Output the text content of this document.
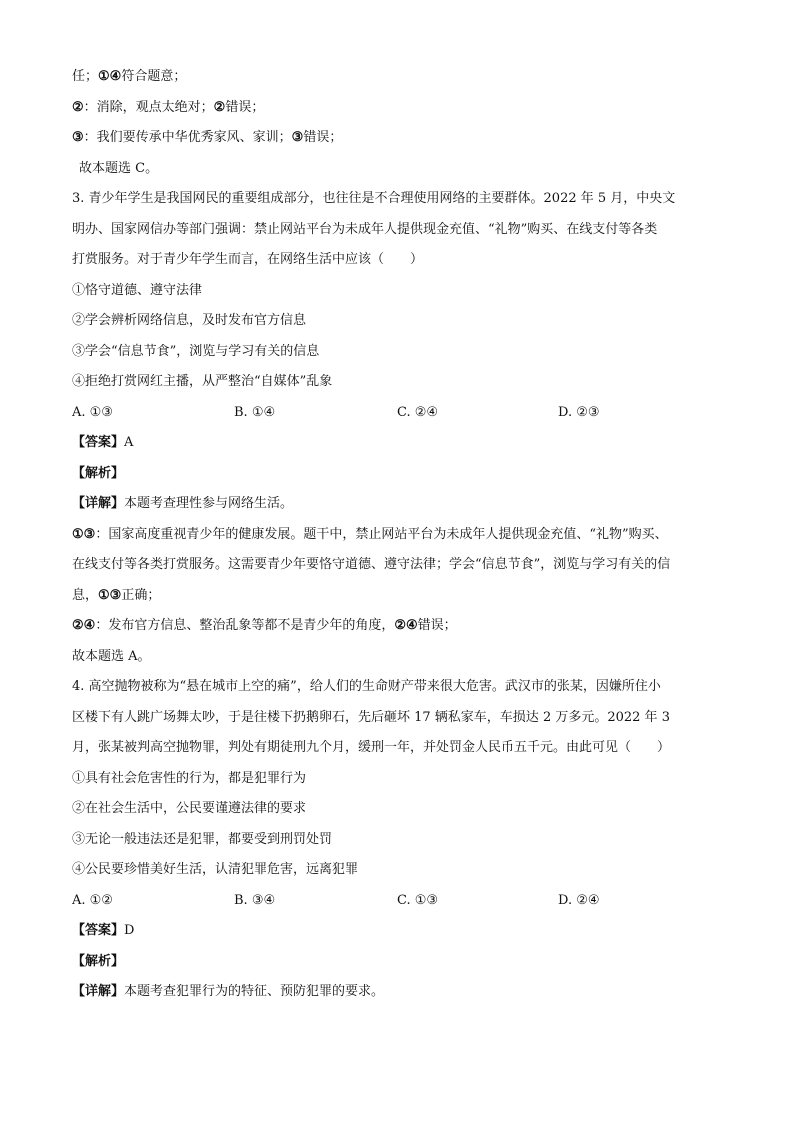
任；①④符合题意；
②：消除，观点太绝对；②错误；
③：我们要传承中华优秀家风、家训；③错误；
故本题选 C。
3. 青少年学生是我国网民的重要组成部分，也往往是不合理使用网络的主要群体。2022 年 5 月，中央文
明办、国家网信办等部门强调：禁止网站平台为未成年人提供现金充值、“礼物”购买、在线支付等各类
打赏服务。对于青少年学生而言，在网络生活中应该（　　）
①恪守道德、遵守法律
②学会辨析网络信息，及时发布官方信息
③学会“信息节食”，浏览与学习有关的信息
④拒绝打赏网红主播，从严整治“自媒体”乱象
A. ①③	B. ①④	C. ②④	D. ②③
【答案】A
【解析】
【详解】本题考查理性参与网络生活。
①③：国家高度重视青少年的健康发展。题干中，禁止网站平台为未成年人提供现金充值、“礼物”购买、
在线支付等各类打赏服务。这需要青少年要恪守道德、遵守法律；学会“信息节食”，浏览与学习有关的信
息，①③正确；
②④：发布官方信息、整治乱象等都不是青少年的角度，②④错误；
故本题选 A。
4. 高空抛物被称为“悬在城市上空的痛”，给人们的生命财产带来很大危害。武汉市的张某，因嫌所住小
区楼下有人跳广场舞太吵，于是往楼下扔鹅卵石，先后砸坏 17 辆私家车，车损达 2 万多元。2022 年 3
月，张某被判高空抛物罪，判处有期徒刑九个月，缓刑一年，并处罚金人民币五千元。由此可见（　　）
①具有社会危害性的行为，都是犯罪行为
②在社会生活中，公民要谨遵法律的要求
③无论一般违法还是犯罪，都要受到刑罚处罚
④公民要珍惜美好生活，认清犯罪危害，远离犯罪
A. ①②	B. ③④	C. ①③	D. ②④
【答案】D
【解析】
【详解】本题考查犯罪行为的特征、预防犯罪的要求。
